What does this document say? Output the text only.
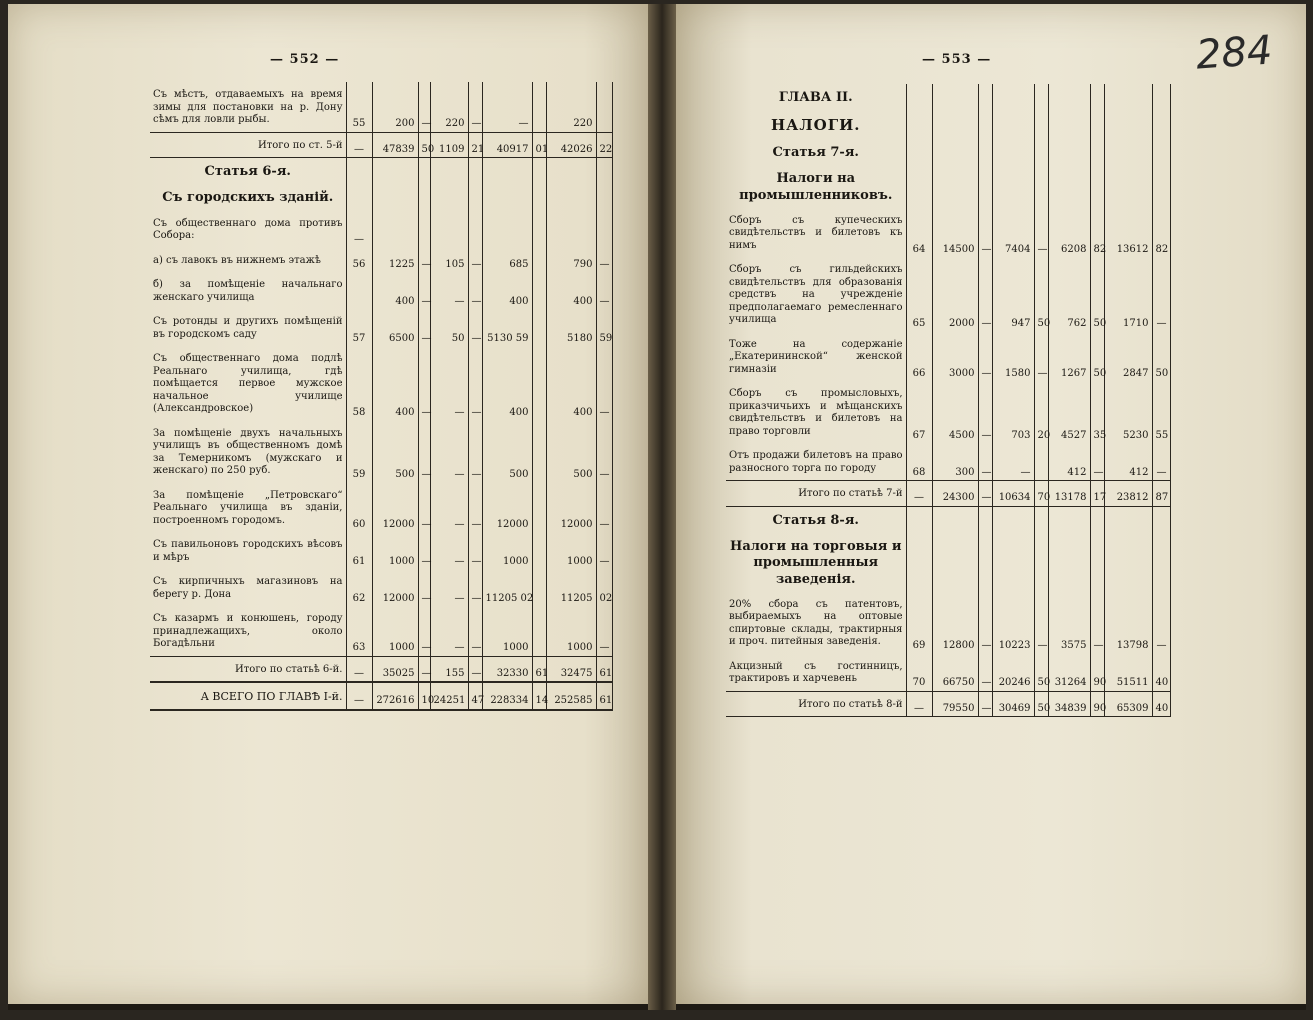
— 552 —
Съ мѣстъ, отдаваемыхъ на время зимы для постановки на р. Дону сѣмъ для ловли рыбы.	55	200	—	220	—	—		220	
Итого по ст. 5-й	—	47839	50	1109	21	40917	01	42026	22
Статья 6-я.									
Съ городскихъ зданій.									
Съ общественнаго дома противъ Собора:	—								
а) съ лавокъ въ нижнемъ этажѣ	56	1225	—	105	—	685		790	—
б) за помѣщеніе начальнаго женскаго училища		400	—	—	—	400		400	—
Съ ротонды и другихъ помѣщеній въ городскомъ саду	57	6500	—	50	—	5130 59		5180	59
Съ общественнаго дома подлѣ Реальнаго училища, гдѣ помѣщается первое мужское начальное училище (Александровское)	58	400	—	—	—	400		400	—
За помѣщеніе двухъ начальныхъ училищъ въ общественномъ домѣ за Темерникомъ (мужскаго и женскаго) по 250 руб.	59	500	—	—	—	500		500	—
За помѣщеніе „Петровскаго“ Реальнаго училища въ зданіи, построенномъ городомъ.	60	12000	—	—	—	12000		12000	—
Съ павильоновъ городскихъ вѣсовъ и мѣръ	61	1000	—	—	—	1000		1000	—
Съ кирпичныхъ магазиновъ на берегу р. Дона	62	12000	—	—	—	11205 02		11205	02
Съ казармъ и конюшень, городу принадлежащихъ, около Богадѣльни	63	1000	—	—	—	1000		1000	—
Итого по статьѣ 6-й.	—	35025	—	155	—	32330	61	32475	61
А ВСЕГО ПО ГЛАВѢ І-й.	—	272616	10	24251	47	228334	14	252585	61
— 553 —	284
ГЛАВА II.									
НАЛОГИ.									
Статья 7-я.									
Налоги на промышленниковъ.									
Сборъ съ купеческихъ свидѣтельствъ и билетовъ къ нимъ	64	14500	—	7404	—	6208	82	13612	82
Сборъ съ гильдейскихъ свидѣтельствъ для образованія средствъ на учрежденіе предполагаемаго ремесленнаго училища	65	2000	—	947	50	762	50	1710	—
Тоже на содержаніе „Екатерининской“ женской гимназіи	66	3000	—	1580	—	1267	50	2847	50
Сборъ съ промысловыхъ, приказчичьихъ и мѣщанскихъ свидѣтельствъ и билетовъ на право торговли	67	4500	—	703	20	4527	35	5230	55
Отъ продажи билетовъ на право разносного торга по городу	68	300	—	—		412	—	412	—
Итого по статьѣ 7-й	—	24300	—	10634	70	13178	17	23812	87
Статья 8-я.									
Налоги на торговыя и промышленныя заведенія.									
20% сбора съ патентовъ, выбираемыхъ на оптовые спиртовые склады, трактирныя и проч. питейныя заведенія.	69	12800	—	10223	—	3575	—	13798	—
Акцизный съ гостинницъ, трактировъ и харчевень	70	66750	—	20246	50	31264	90	51511	40
Итого по статьѣ 8-й	—	79550	—	30469	50	34839	90	65309	40
